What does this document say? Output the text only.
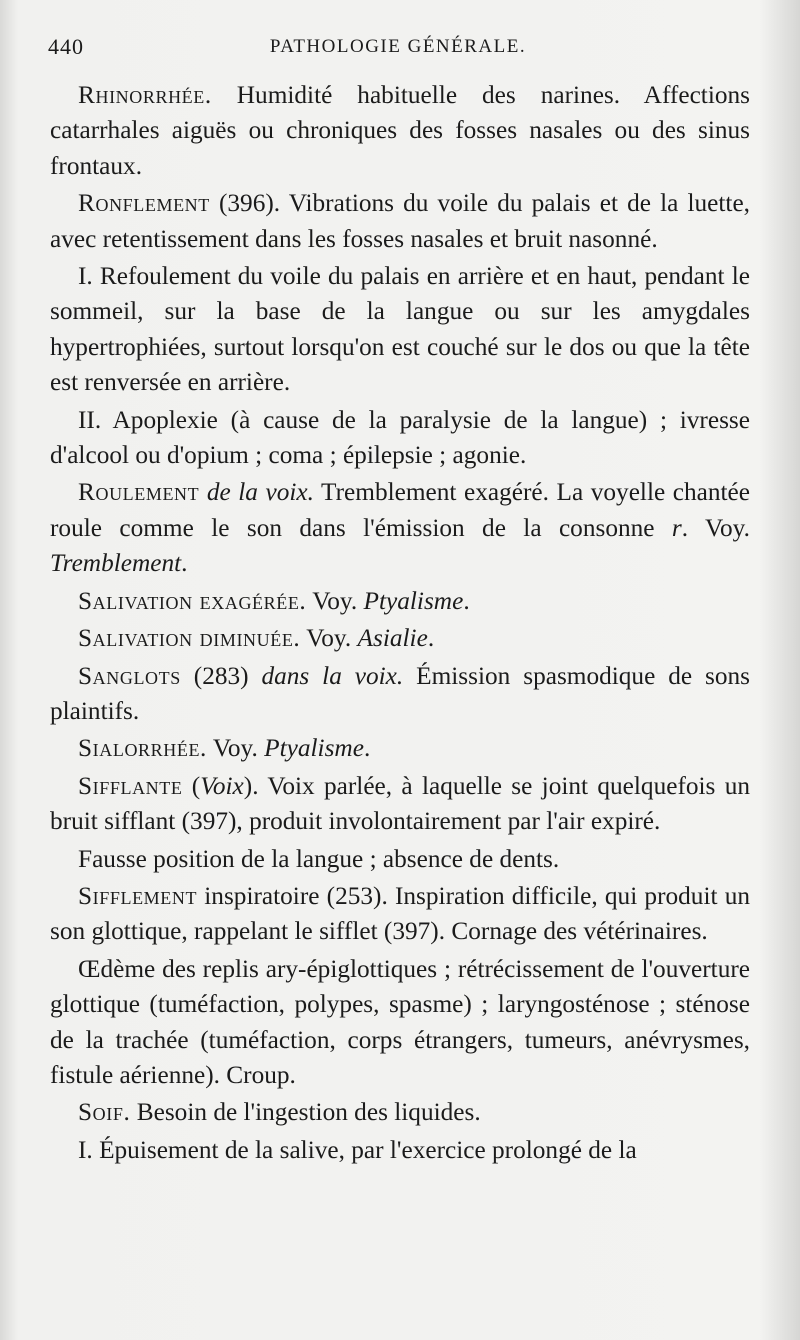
440	PATHOLOGIE GÉNÉRALE.

Rhinorrhée. Humidité habituelle des narines. Affections catarrhales aiguës ou chroniques des fosses nasales ou des sinus frontaux.

Ronflement (396). Vibrations du voile du palais et de la luette, avec retentissement dans les fosses nasales et bruit nasonné.

I. Refoulement du voile du palais en arrière et en haut, pendant le sommeil, sur la base de la langue ou sur les amygdales hypertrophiées, surtout lorsqu'on est couché sur le dos ou que la tête est renversée en arrière.

II. Apoplexie (à cause de la paralysie de la langue) ; ivresse d'alcool ou d'opium ; coma ; épilepsie ; agonie.

Roulement de la voix. Tremblement exagéré. La voyelle chantée roule comme le son dans l'émission de la consonne r. Voy. Tremblement.

Salivation exagérée. Voy. Ptyalisme.

Salivation diminuée. Voy. Asialie.

Sanglots (283) dans la voix. Émission spasmodique de sons plaintifs.

Sialorrhée. Voy. Ptyalisme.

Sifflante (Voix). Voix parlée, à laquelle se joint quelquefois un bruit sifflant (397), produit involontairement par l'air expiré.

Fausse position de la langue ; absence de dents.

Sifflement inspiratoire (253). Inspiration difficile, qui produit un son glottique, rappelant le sifflet (397). Cornage des vétérinaires.

Œdème des replis ary-épiglottiques ; rétrécissement de l'ouverture glottique (tuméfaction, polypes, spasme) ; laryngosténose ; sténose de la trachée (tuméfaction, corps étrangers, tumeurs, anévrysmes, fistule aérienne). Croup.

Soif. Besoin de l'ingestion des liquides.

I. Épuisement de la salive, par l'exercice prolongé de la
